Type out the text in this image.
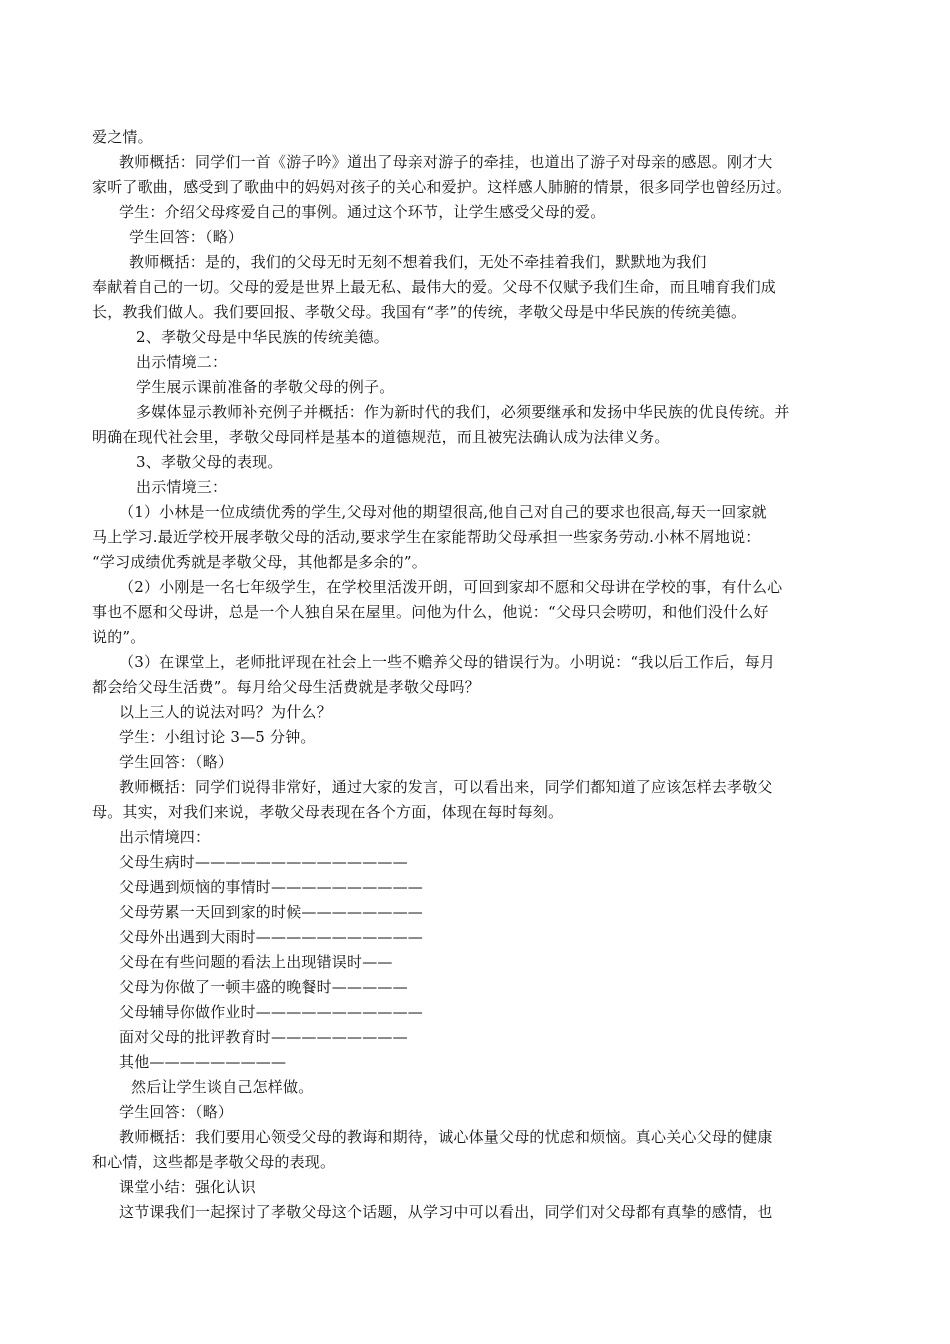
爱之情。
教师概括：同学们一首《游子吟》道出了母亲对游子的牵挂，也道出了游子对母亲的感恩。刚才大
家听了歌曲，感受到了歌曲中的妈妈对孩子的关心和爱护。这样感人肺腑的情景，很多同学也曾经历过。
学生：介绍父母疼爱自己的事例。通过这个环节，让学生感受父母的爱。
学生回答：（略）
教师概括：是的，我们的父母无时无刻不想着我们，无处不牵挂着我们，默默地为我们
奉献着自己的一切。父母的爱是世界上最无私、最伟大的爱。父母不仅赋予我们生命，而且哺育我们成
长，教我们做人。我们要回报、孝敬父母。我国有“孝”的传统，孝敬父母是中华民族的传统美德。
2、孝敬父母是中华民族的传统美德。
出示情境二：
学生展示课前准备的孝敬父母的例子。
多媒体显示教师补充例子并概括：作为新时代的我们，必须要继承和发扬中华民族的优良传统。并
明确在现代社会里，孝敬父母同样是基本的道德规范，而且被宪法确认成为法律义务。
3、孝敬父母的表现。
出示情境三：
（1）小林是一位成绩优秀的学生,父母对他的期望很高,他自己对自己的要求也很高,每天一回家就
马上学习.最近学校开展孝敬父母的活动,要求学生在家能帮助父母承担一些家务劳动.小林不屑地说：
“学习成绩优秀就是孝敬父母，其他都是多余的”。
（2）小刚是一名七年级学生，在学校里活泼开朗，可回到家却不愿和父母讲在学校的事，有什么心
事也不愿和父母讲，总是一个人独自呆在屋里。问他为什么，他说：“父母只会唠叨，和他们没什么好
说的”。
（3）在课堂上，老师批评现在社会上一些不赡养父母的错误行为。小明说：“我以后工作后，每月
都会给父母生活费”。每月给父母生活费就是孝敬父母吗？
以上三人的说法对吗？为什么？
学生：小组讨论 3—5 分钟。
学生回答：（略）
教师概括：同学们说得非常好，通过大家的发言，可以看出来，同学们都知道了应该怎样去孝敬父
母。其实，对我们来说，孝敬父母表现在各个方面，体现在每时每刻。
出示情境四：
父母生病时——————————————
父母遇到烦恼的事情时——————————
父母劳累一天回到家的时候————————
父母外出遇到大雨时———————————
父母在有些问题的看法上出现错误时——
父母为你做了一顿丰盛的晚餐时—————
父母辅导你做作业时———————————
面对父母的批评教育时—————————
其他—————————
然后让学生谈自己怎样做。
学生回答：（略）
教师概括：我们要用心领受父母的教诲和期待，诚心体量父母的忧虑和烦恼。真心关心父母的健康
和心情，这些都是孝敬父母的表现。
课堂小结：强化认识
这节课我们一起探讨了孝敬父母这个话题，从学习中可以看出，同学们对父母都有真挚的感情，也
